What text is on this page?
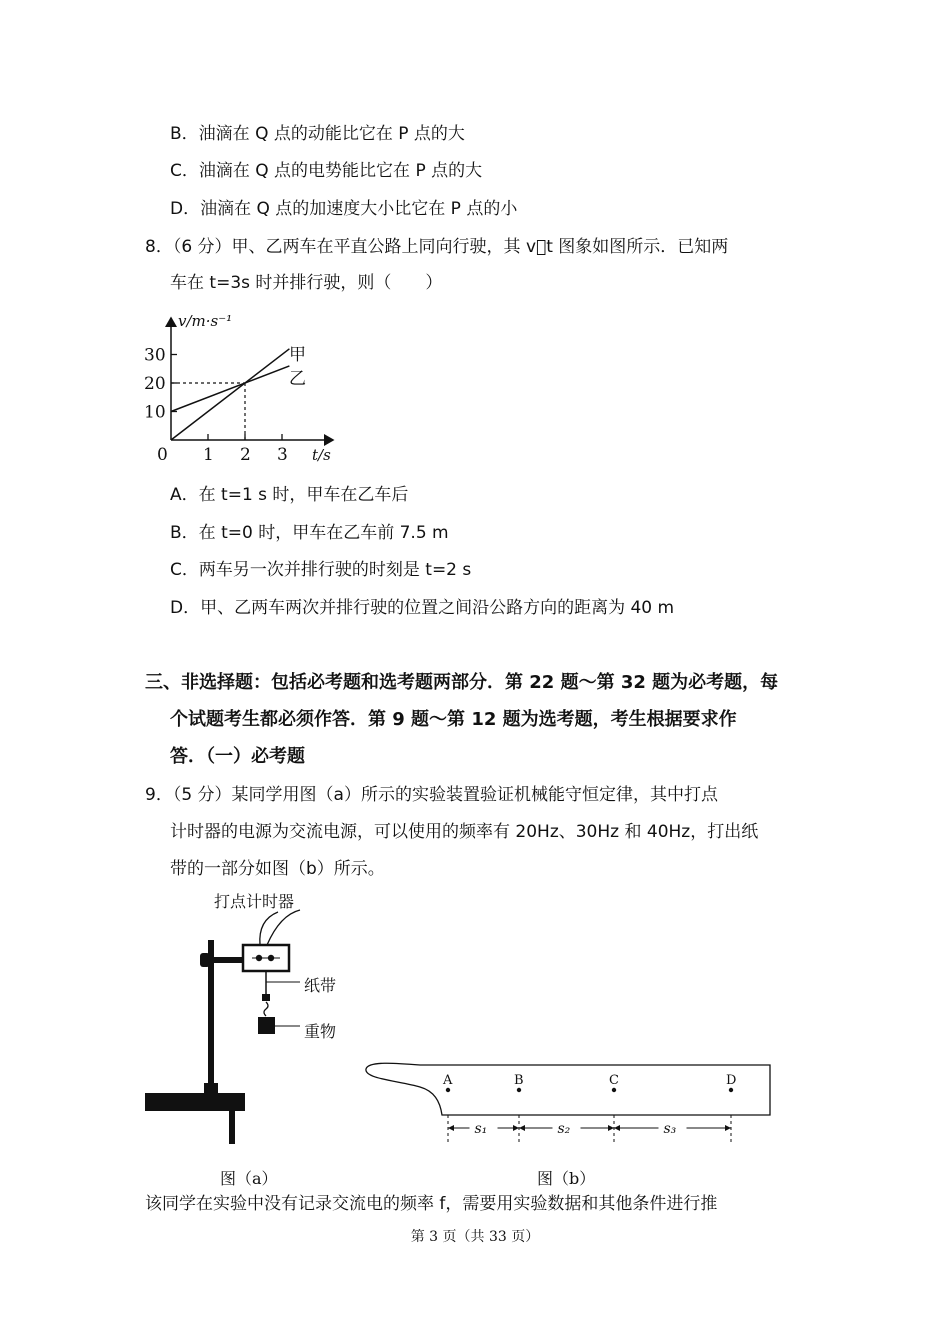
B．油滴在 Q 点的动能比它在 P 点的大
C．油滴在 Q 点的电势能比它在 P 点的大
D．油滴在 Q 点的加速度大小比它在 P 点的小
8．（6 分）甲、乙两车在平直公路上同向行驶，其 v t 图象如图所示．已知两
车在 t=3s 时并排行驶，则（　　）
0 1 2 3
10
20
30
v/m·s⁻¹
t/s
甲
乙
A．在 t=1 s 时，甲车在乙车后
B．在 t=0 时，甲车在乙车前 7.5 m
C．两车另一次并排行驶的时刻是 t=2 s
D．甲、乙两车两次并排行驶的位置之间沿公路方向的距离为 40 m
三、非选择题：包括必考题和选考题两部分．第 22 题～第 32 题为必考题，每
个试题考生都必须作答．第 9 题～第 12 题为选考题，考生根据要求作
答．（一）必考题
9．（5 分）某同学用图（a）所示的实验装置验证机械能守恒定律，其中打点
计时器的电源为交流电源，可以使用的频率有 20Hz、30Hz 和 40Hz，打出纸
带的一部分如图（b）所示。
打点计时器
纸带
重物
A	B	C	D
s₁	s₂	s₃
图（a）	图（b）
该同学在实验中没有记录交流电的频率 f，需要用实验数据和其他条件进行推
第 3 页（共 33 页）
